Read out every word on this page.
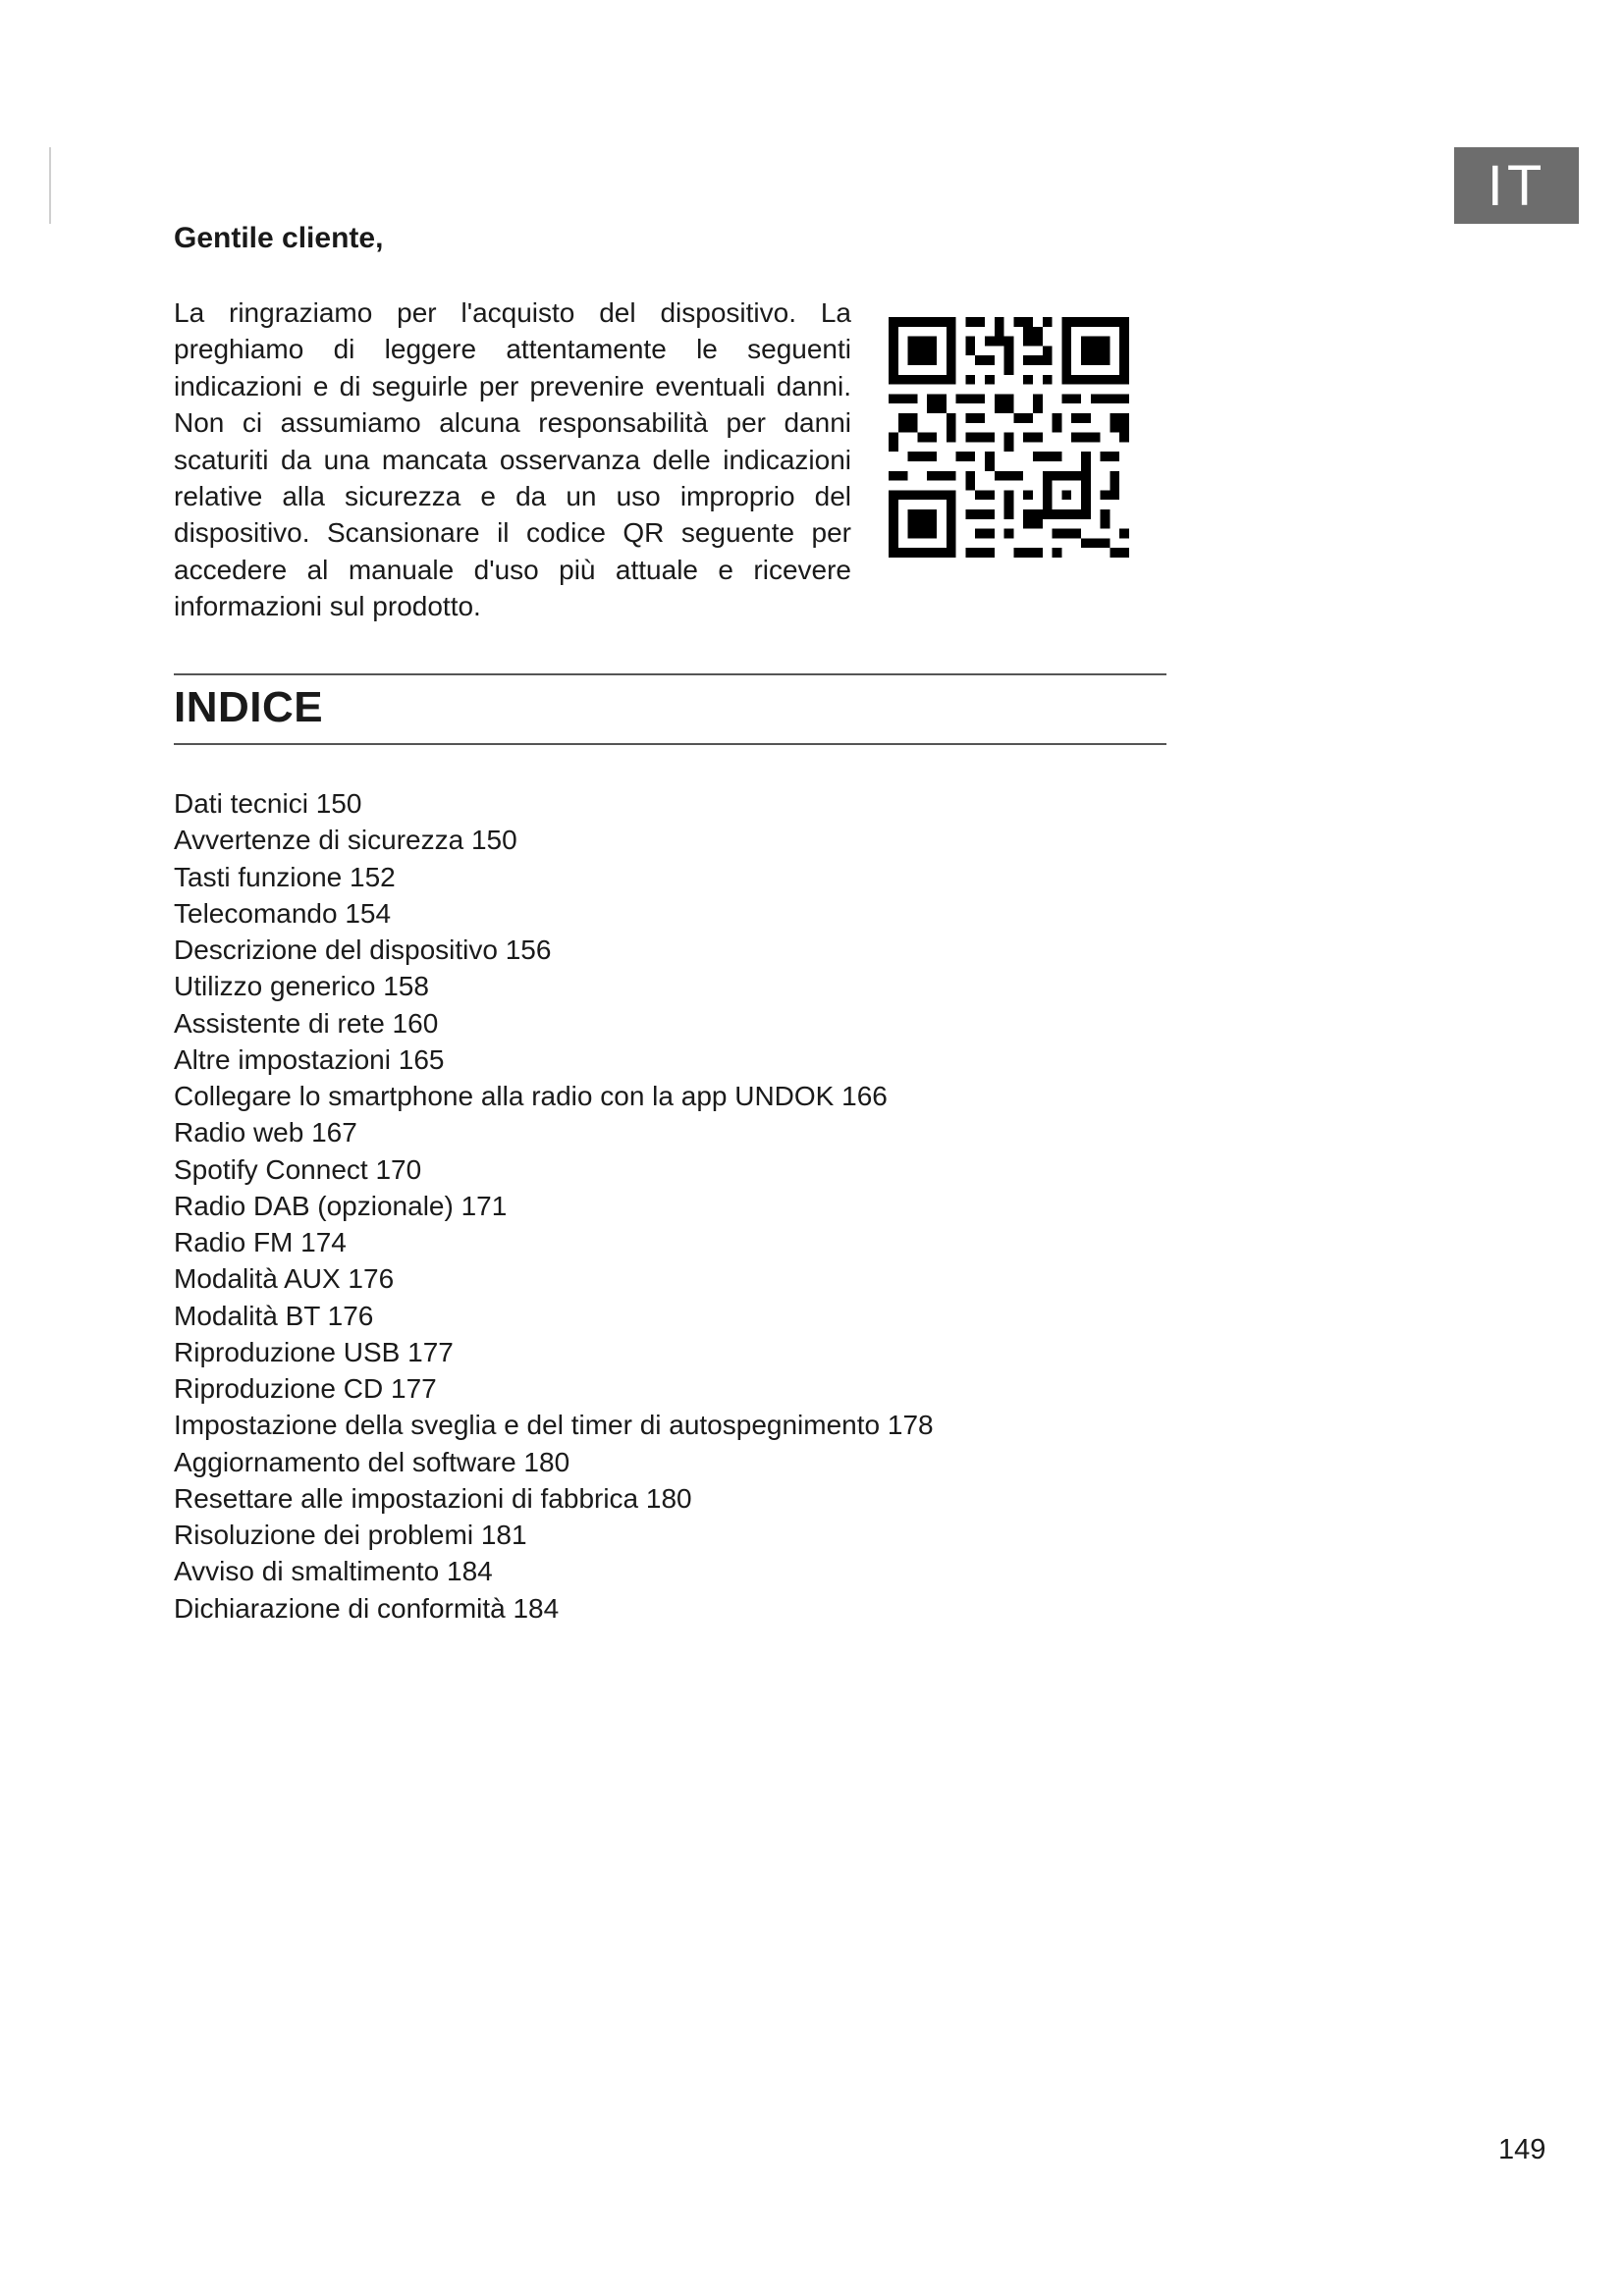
IT

Gentile cliente,

La ringraziamo per l'acquisto del dispositivo. La preghiamo di leggere attentamente le seguenti indicazioni e di seguirle per prevenire eventuali danni. Non ci assumiamo alcuna responsabilità per danni scaturiti da una mancata osservanza delle indicazioni relative alla sicurezza e da un uso improprio del dispositivo. Scansionare il codice QR seguente per accedere al manuale d'uso più attuale e ricevere informazioni sul prodotto.

INDICE
Dati tecnici 150
Avvertenze di sicurezza 150
Tasti funzione 152
Telecomando 154
Descrizione del dispositivo 156
Utilizzo generico 158
Assistente di rete 160
Altre impostazioni 165
Collegare lo smartphone alla radio con la app UNDOK 166
Radio web 167
Spotify Connect 170
Radio DAB (opzionale) 171
Radio FM 174
Modalità AUX 176
Modalità BT 176
Riproduzione USB 177
Riproduzione CD 177
Impostazione della sveglia e del timer di autospegnimento 178
Aggiornamento del software 180
Resettare alle impostazioni di fabbrica 180
Risoluzione dei problemi 181
Avviso di smaltimento 184
Dichiarazione di conformità 184
149
